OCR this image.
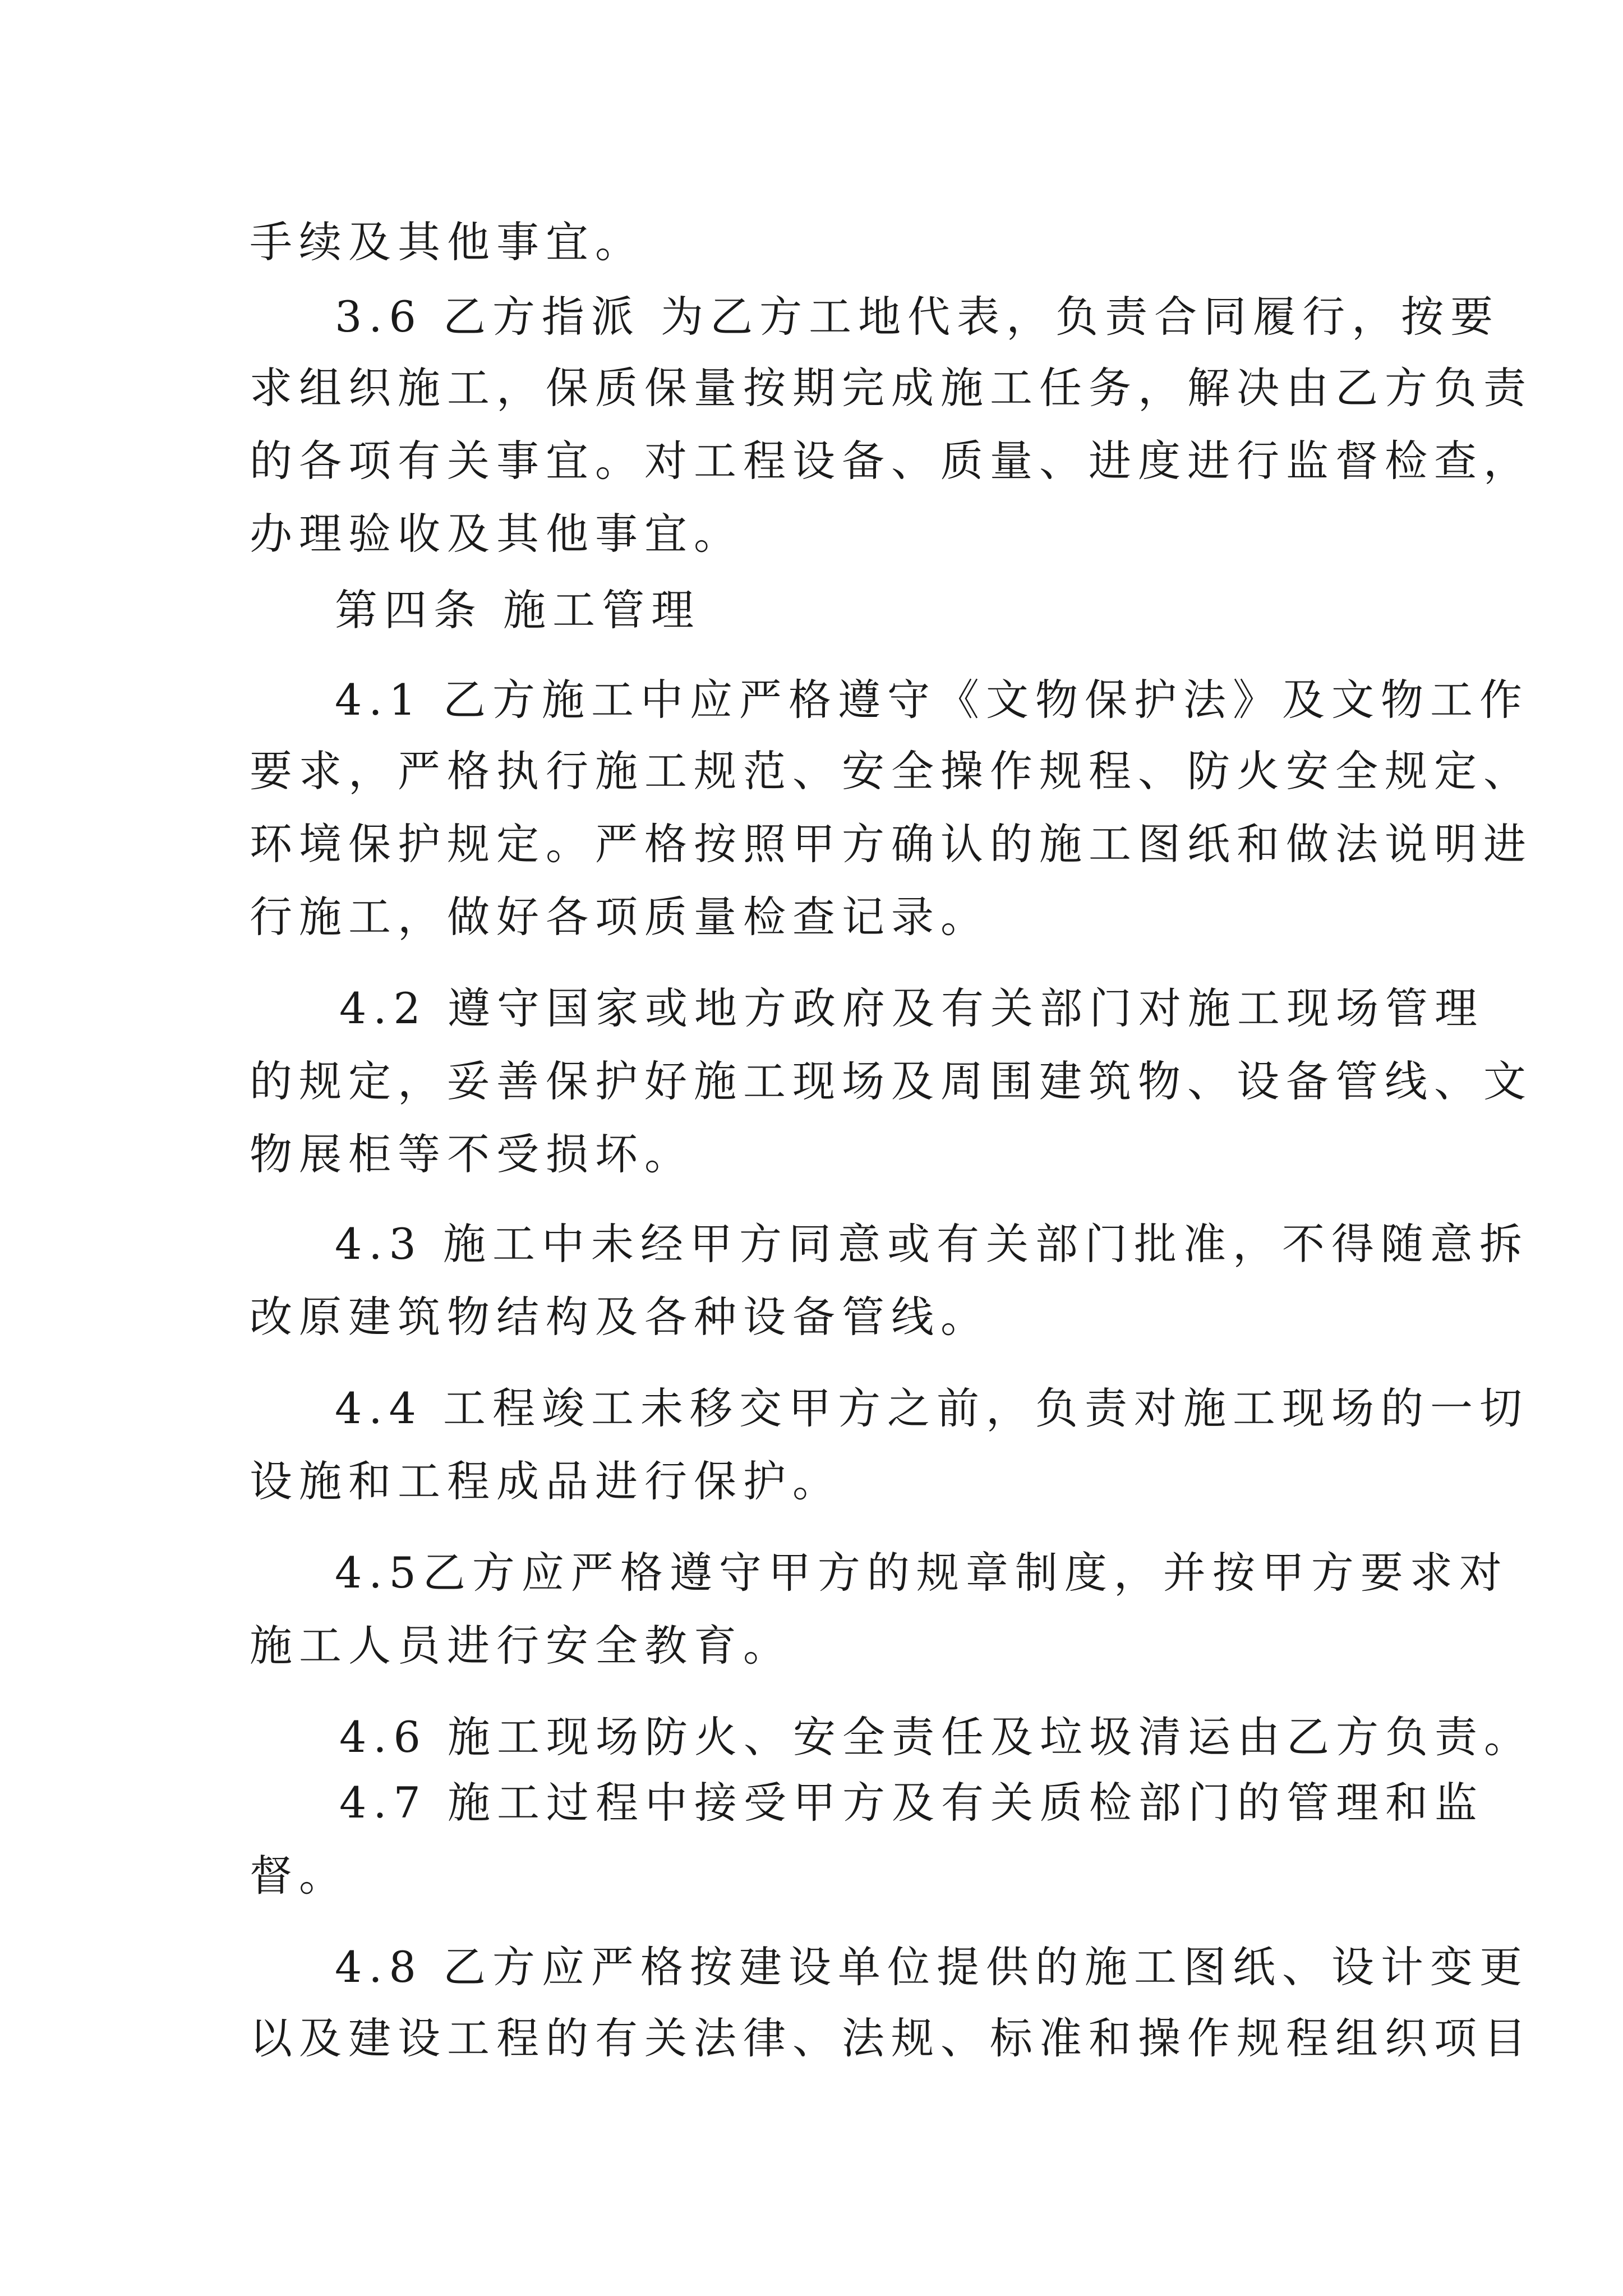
手续及其他事宜。
3.6 乙方指派 为乙方工地代表，负责合同履行，按要
求组织施工，保质保量按期完成施工任务，解决由乙方负责
的各项有关事宜。对工程设备、质量、进度进行监督检查，
办理验收及其他事宜。
第四条 施工管理
4.1 乙方施工中应严格遵守《文物保护法》及文物工作
要求，严格执行施工规范、安全操作规程、防火安全规定、
环境保护规定。严格按照甲方确认的施工图纸和做法说明进
行施工，做好各项质量检查记录。
4.2 遵守国家或地方政府及有关部门对施工现场管理
的规定，妥善保护好施工现场及周围建筑物、设备管线、文
物展柜等不受损坏。
4.3 施工中未经甲方同意或有关部门批准，不得随意拆
改原建筑物结构及各种设备管线。
4.4 工程竣工未移交甲方之前，负责对施工现场的一切
设施和工程成品进行保护。
4.5乙方应严格遵守甲方的规章制度，并按甲方要求对
施工人员进行安全教育。
4.6 施工现场防火、安全责任及垃圾清运由乙方负责。
4.7 施工过程中接受甲方及有关质检部门的管理和监
督。
4.8 乙方应严格按建设单位提供的施工图纸、设计变更
以及建设工程的有关法律、法规、标准和操作规程组织项目
